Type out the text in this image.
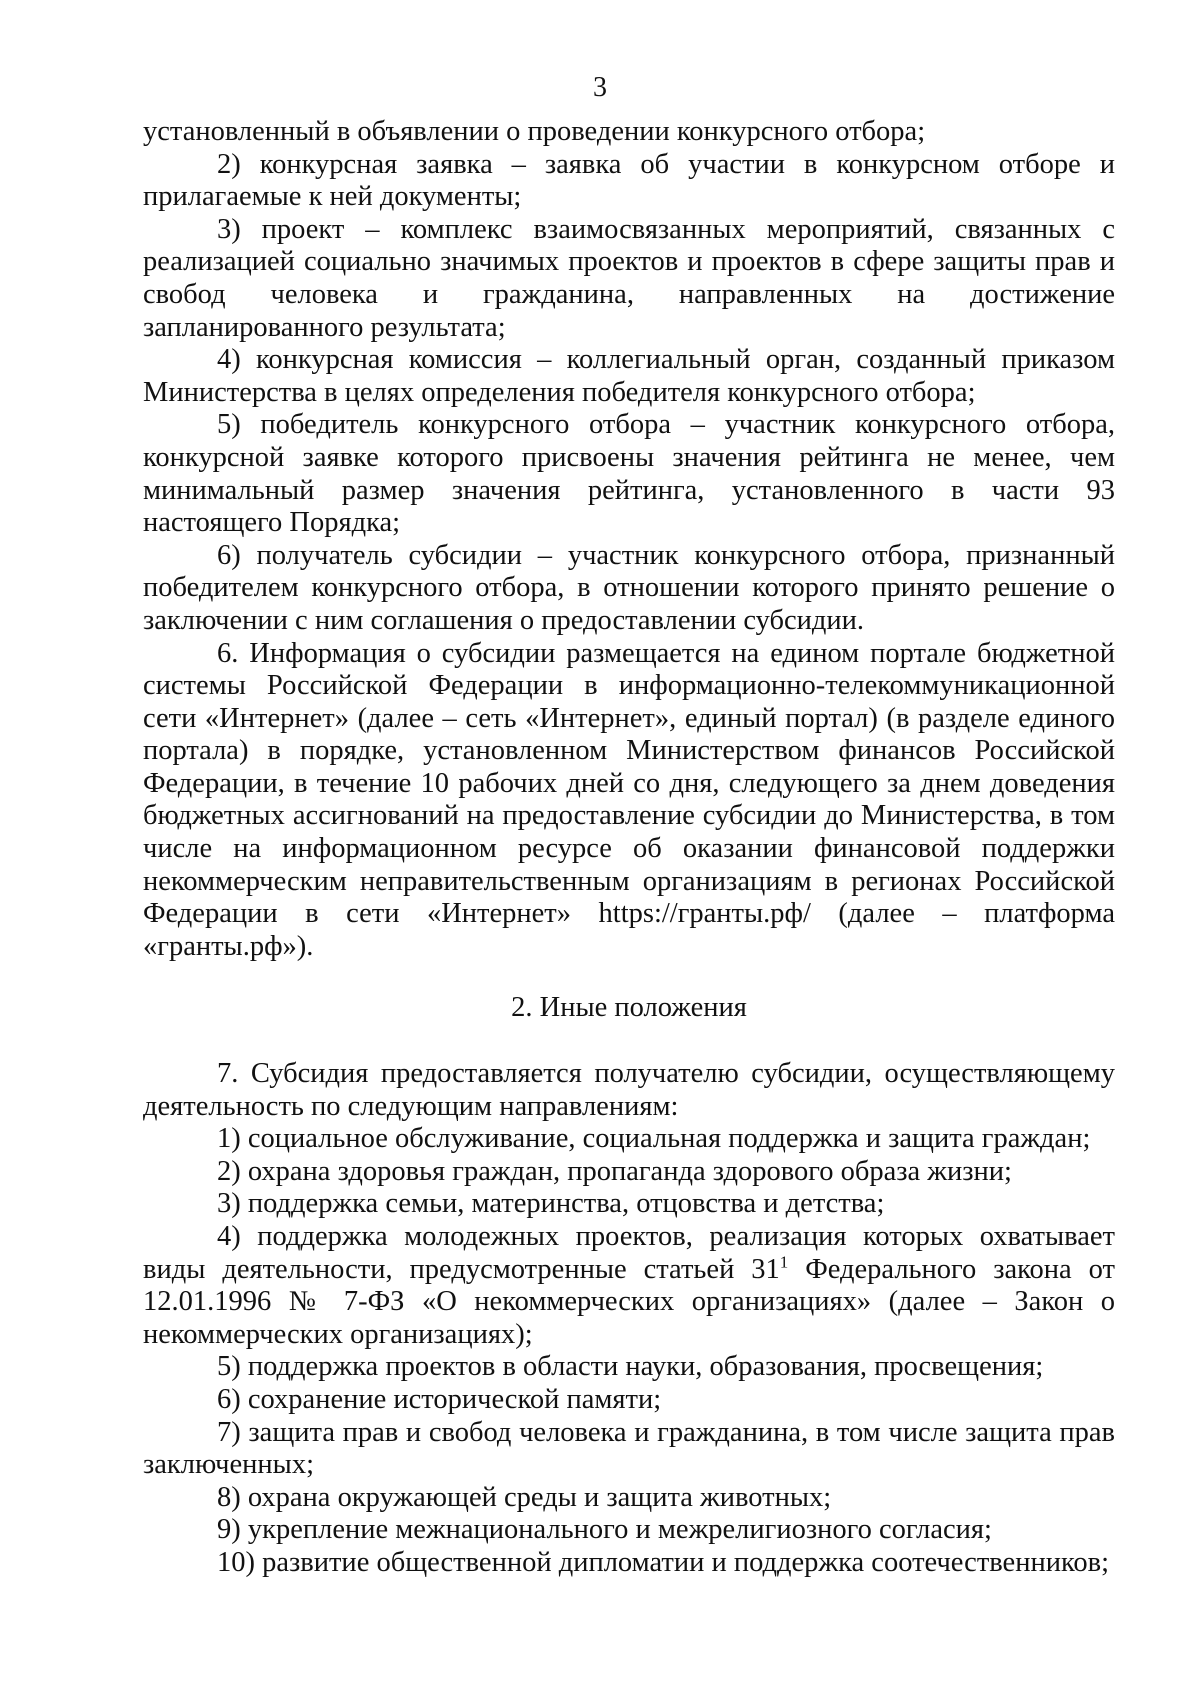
3

установленный в объявлении о проведении конкурсного отбора;

2) конкурсная заявка – заявка об участии в конкурсном отборе и прилагаемые к ней документы;

3) проект – комплекс взаимосвязанных мероприятий, связанных с реализацией социально значимых проектов и проектов в сфере защиты прав и свобод человека и гражданина, направленных на достижение запланированного результата;

4) конкурсная комиссия – коллегиальный орган, созданный приказом Министерства в целях определения победителя конкурсного отбора;

5) победитель конкурсного отбора – участник конкурсного отбора, конкурсной заявке которого присвоены значения рейтинга не менее, чем минимальный размер значения рейтинга, установленного в части 93 настоящего Порядка;

6) получатель субсидии – участник конкурсного отбора, признанный победителем конкурсного отбора, в отношении которого принято решение о заключении с ним соглашения о предоставлении субсидии.

6. Информация о субсидии размещается на едином портале бюджетной системы Российской Федерации в информационно-телекоммуникационной сети «Интернет» (далее – сеть «Интернет», единый портал) (в разделе единого портала) в порядке, установленном Министерством финансов Российской Федерации, в течение 10 рабочих дней со дня, следующего за днем доведения бюджетных ассигнований на предоставление субсидии до Министерства, в том числе на информационном ресурсе об оказании финансовой поддержки некоммерческим неправительственным организациям в регионах Российской Федерации в сети «Интернет» https://гранты.рф/ (далее – платформа «гранты.рф»).

2. Иные положения

7. Субсидия предоставляется получателю субсидии, осуществляющему деятельность по следующим направлениям:

1) социальное обслуживание, социальная поддержка и защита граждан;

2) охрана здоровья граждан, пропаганда здорового образа жизни;

3) поддержка семьи, материнства, отцовства и детства;

4) поддержка молодежных проектов, реализация которых охватывает виды деятельности, предусмотренные статьей $31^1$ Федерального закона от 12.01.1996 № 7-ФЗ «О некоммерческих организациях» (далее – Закон о некоммерческих организациях);

5) поддержка проектов в области науки, образования, просвещения;

6) сохранение исторической памяти;

7) защита прав и свобод человека и гражданина, в том числе защита прав заключенных;

8) охрана окружающей среды и защита животных;

9) укрепление межнационального и межрелигиозного согласия;

10) развитие общественной дипломатии и поддержка соотечественников;
